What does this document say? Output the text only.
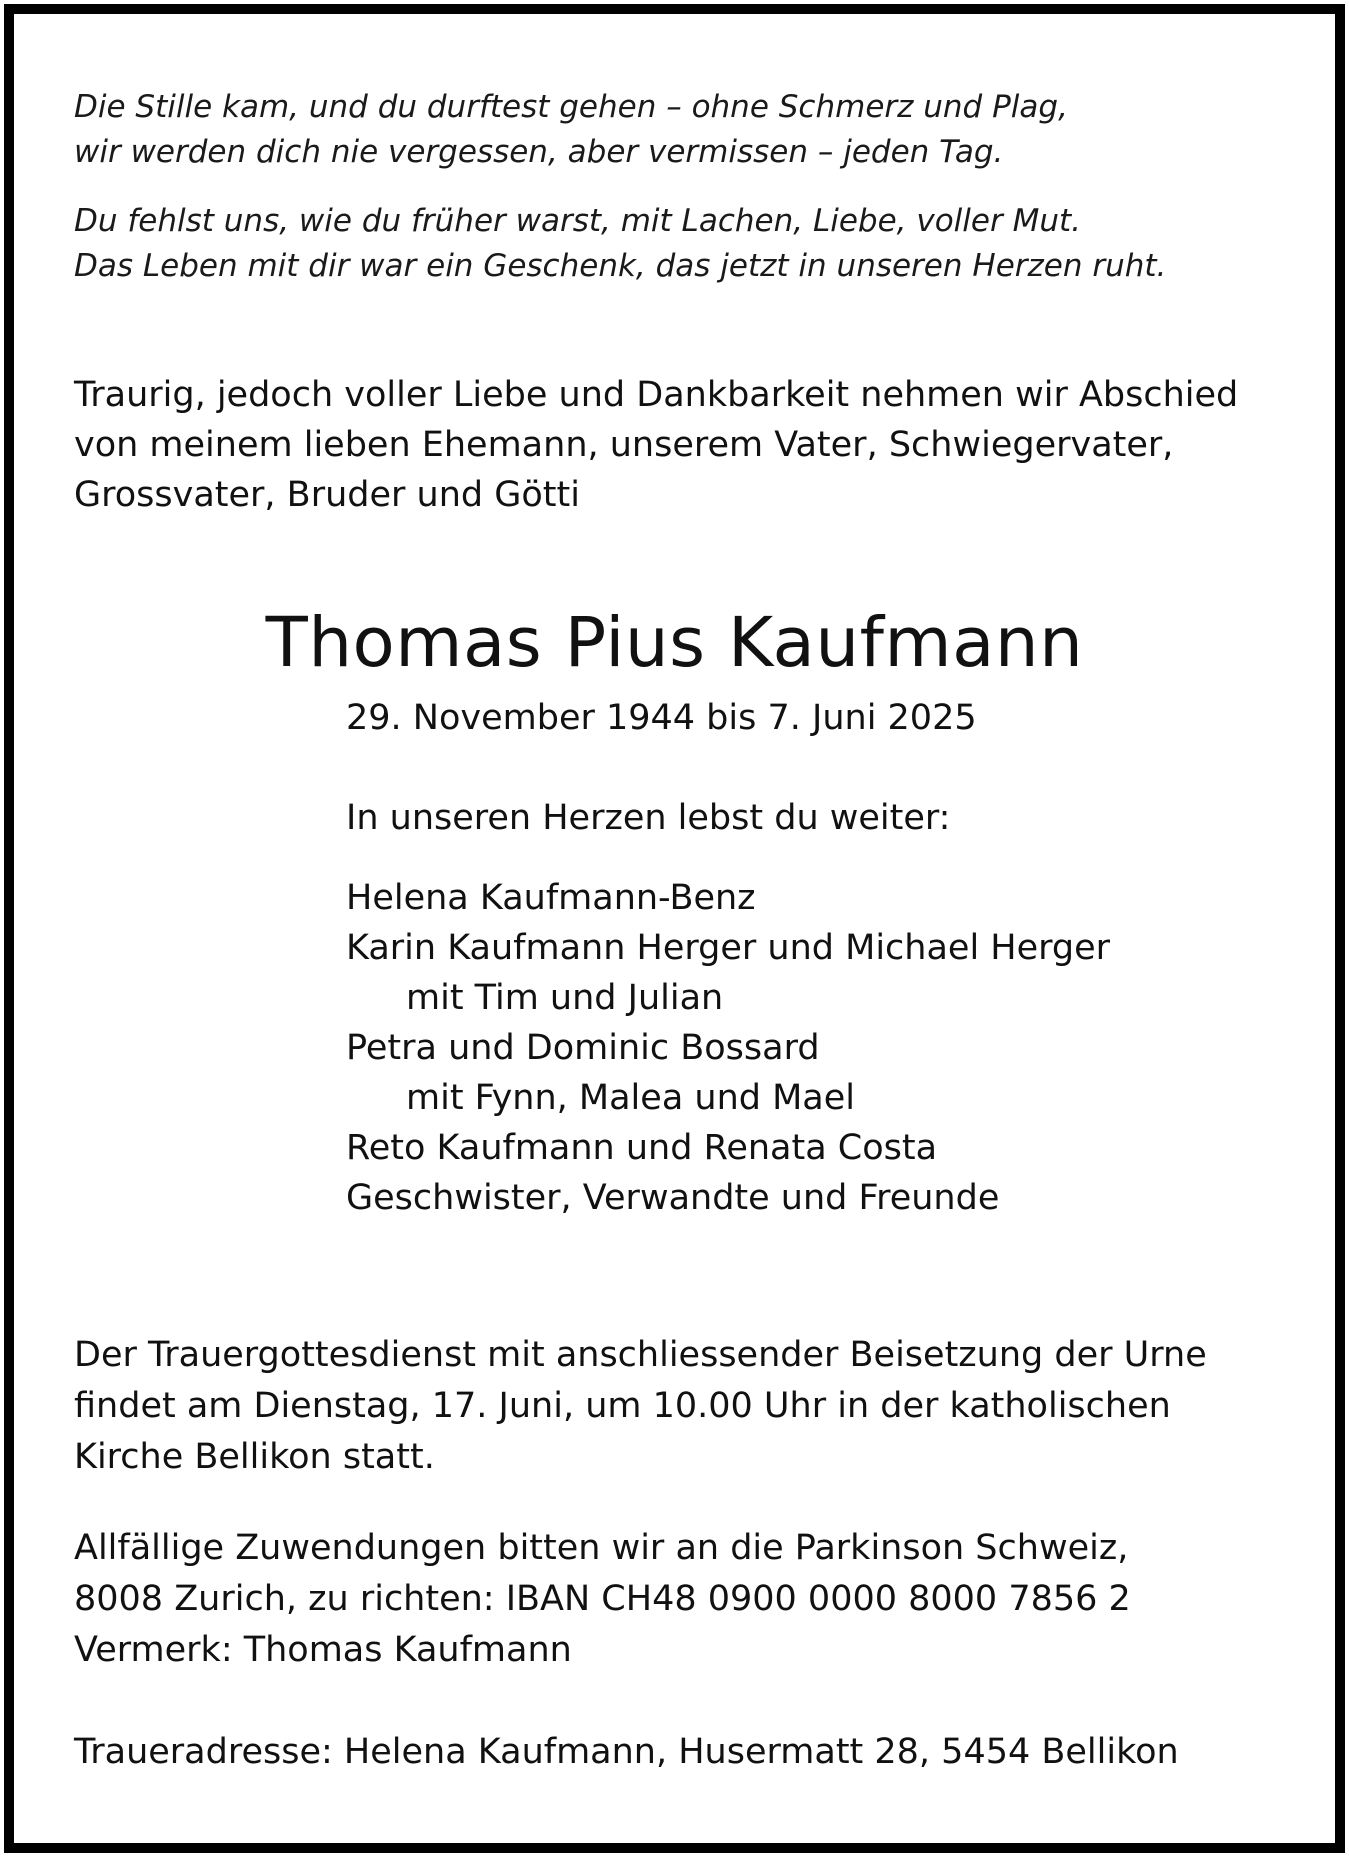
Die Stille kam, und du durftest gehen – ohne Schmerz und Plag,
wir werden dich nie vergessen, aber vermissen – jeden Tag.

Du fehlst uns, wie du früher warst, mit Lachen, Liebe, voller Mut.
Das Leben mit dir war ein Geschenk, das jetzt in unseren Herzen ruht.

Traurig, jedoch voller Liebe und Dankbarkeit nehmen wir Abschied
von meinem lieben Ehemann, unserem Vater, Schwiegervater,
Grossvater, Bruder und Götti

Thomas Pius Kaufmann
29. November 1944 bis 7. Juni 2025
In unseren Herzen lebst du weiter:
Helena Kaufmann-Benz
Karin Kaufmann Herger und Michael Herger
mit Tim und Julian
Petra und Dominic Bossard
mit Fynn, Malea und Mael
Reto Kaufmann und Renata Costa
Geschwister, Verwandte und Freunde

Der Trauergottesdienst mit anschliessender Beisetzung der Urne
findet am Dienstag, 17. Juni, um 10.00 Uhr in der katholischen
Kirche Bellikon statt.

Allfällige Zuwendungen bitten wir an die Parkinson Schweiz,
8008 Zurich, zu richten: IBAN CH48 0900 0000 8000 7856 2
Vermerk: Thomas Kaufmann

Traueradresse: Helena Kaufmann, Husermatt 28, 5454 Bellikon
